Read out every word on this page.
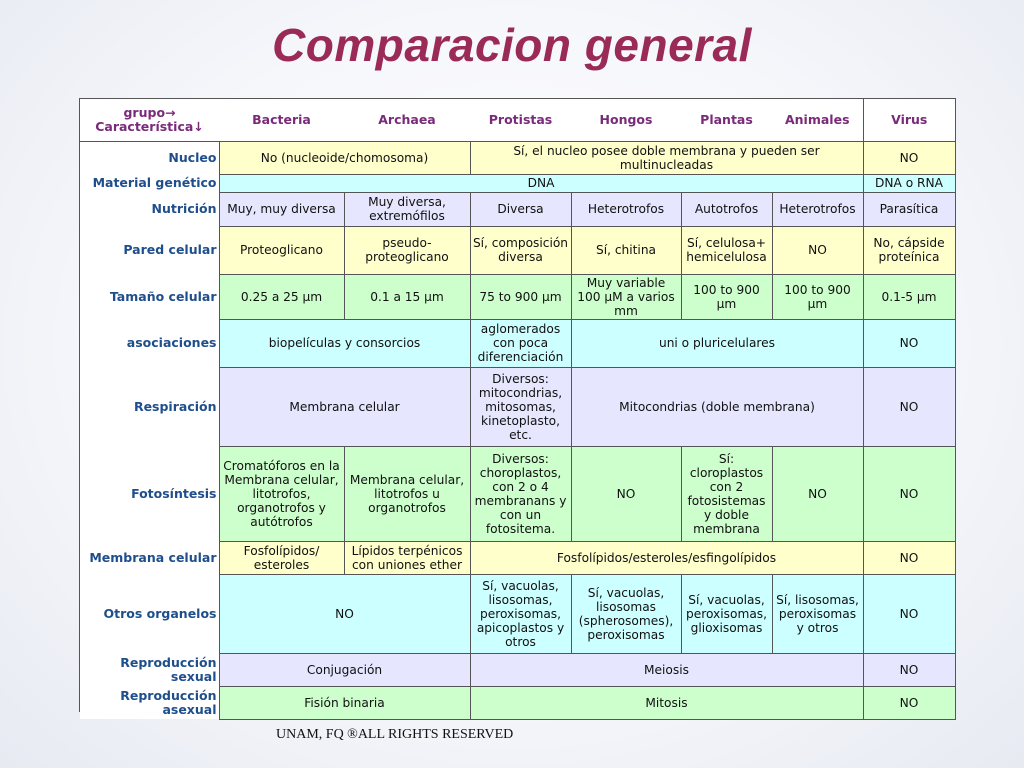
Comparacion general
grupo→
Característica↓	Bacteria	Archaea	Protistas	Hongos	Plantas	Animales	Virus
Nucleo	No (nucleoide/chomosoma)		Sí, el nucleo posee doble membrana y pueden ser multinucleadas				NO
Material genético	DNA						DNA o RNA
Nutrición	Muy, muy diversa	Muy diversa, extremófilos	Diversa	Heterotrofos	Autotrofos	Heterotrofos	Parasítica
Pared celular	Proteoglicano	pseudo-proteoglicano	Sí, composición diversa	Sí, chitina	Sí, celulosa+ hemicelulosa	NO	No, cápside proteínica
Tamaño celular	0.25 a 25 µm	0.1 a 15 µm	75 to 900 µm	Muy variable 100 µM a varios mm	100 to 900 µm	100 to 900 µm	0.1-5 µm
asociaciones	biopelículas y consorcios		aglomerados con poca diferenciación	uni o pluricelulares			NO
Respiración	Membrana celular		Diversos: mitocondrias, mitosomas, kinetoplasto, etc.	Mitocondrias (doble membrana)			NO
Fotosíntesis	Cromatóforos en la Membrana celular, litotrofos, organotrofos y autótrofos	Membrana celular, litotrofos u organotrofos	Diversos: choroplastos, con 2 o 4 membranans y con un fotositema.	NO	Sí: cloroplastos con 2 fotosistemas y doble membrana	NO	NO
Membrana celular	Fosfolípidos/ esteroles	Lípidos terpénicos con uniones ether	Fosfolípidos/esteroles/esfingolípidos				NO
Otros organelos	NO		Sí, vacuolas, lisosomas, peroxisomas, apicoplastos y otros	Sí, vacuolas, lisosomas (spherosomes), peroxisomas	Sí, vacuolas, peroxisomas, glioxisomas	Sí, lisosomas, peroxisomas y otros	NO
Reproducción sexual	Conjugación		Meiosis				NO
Reproducción asexual	Fisión binaria		Mitosis				NO
UNAM, FQ ®ALL RIGHTS RESERVED
